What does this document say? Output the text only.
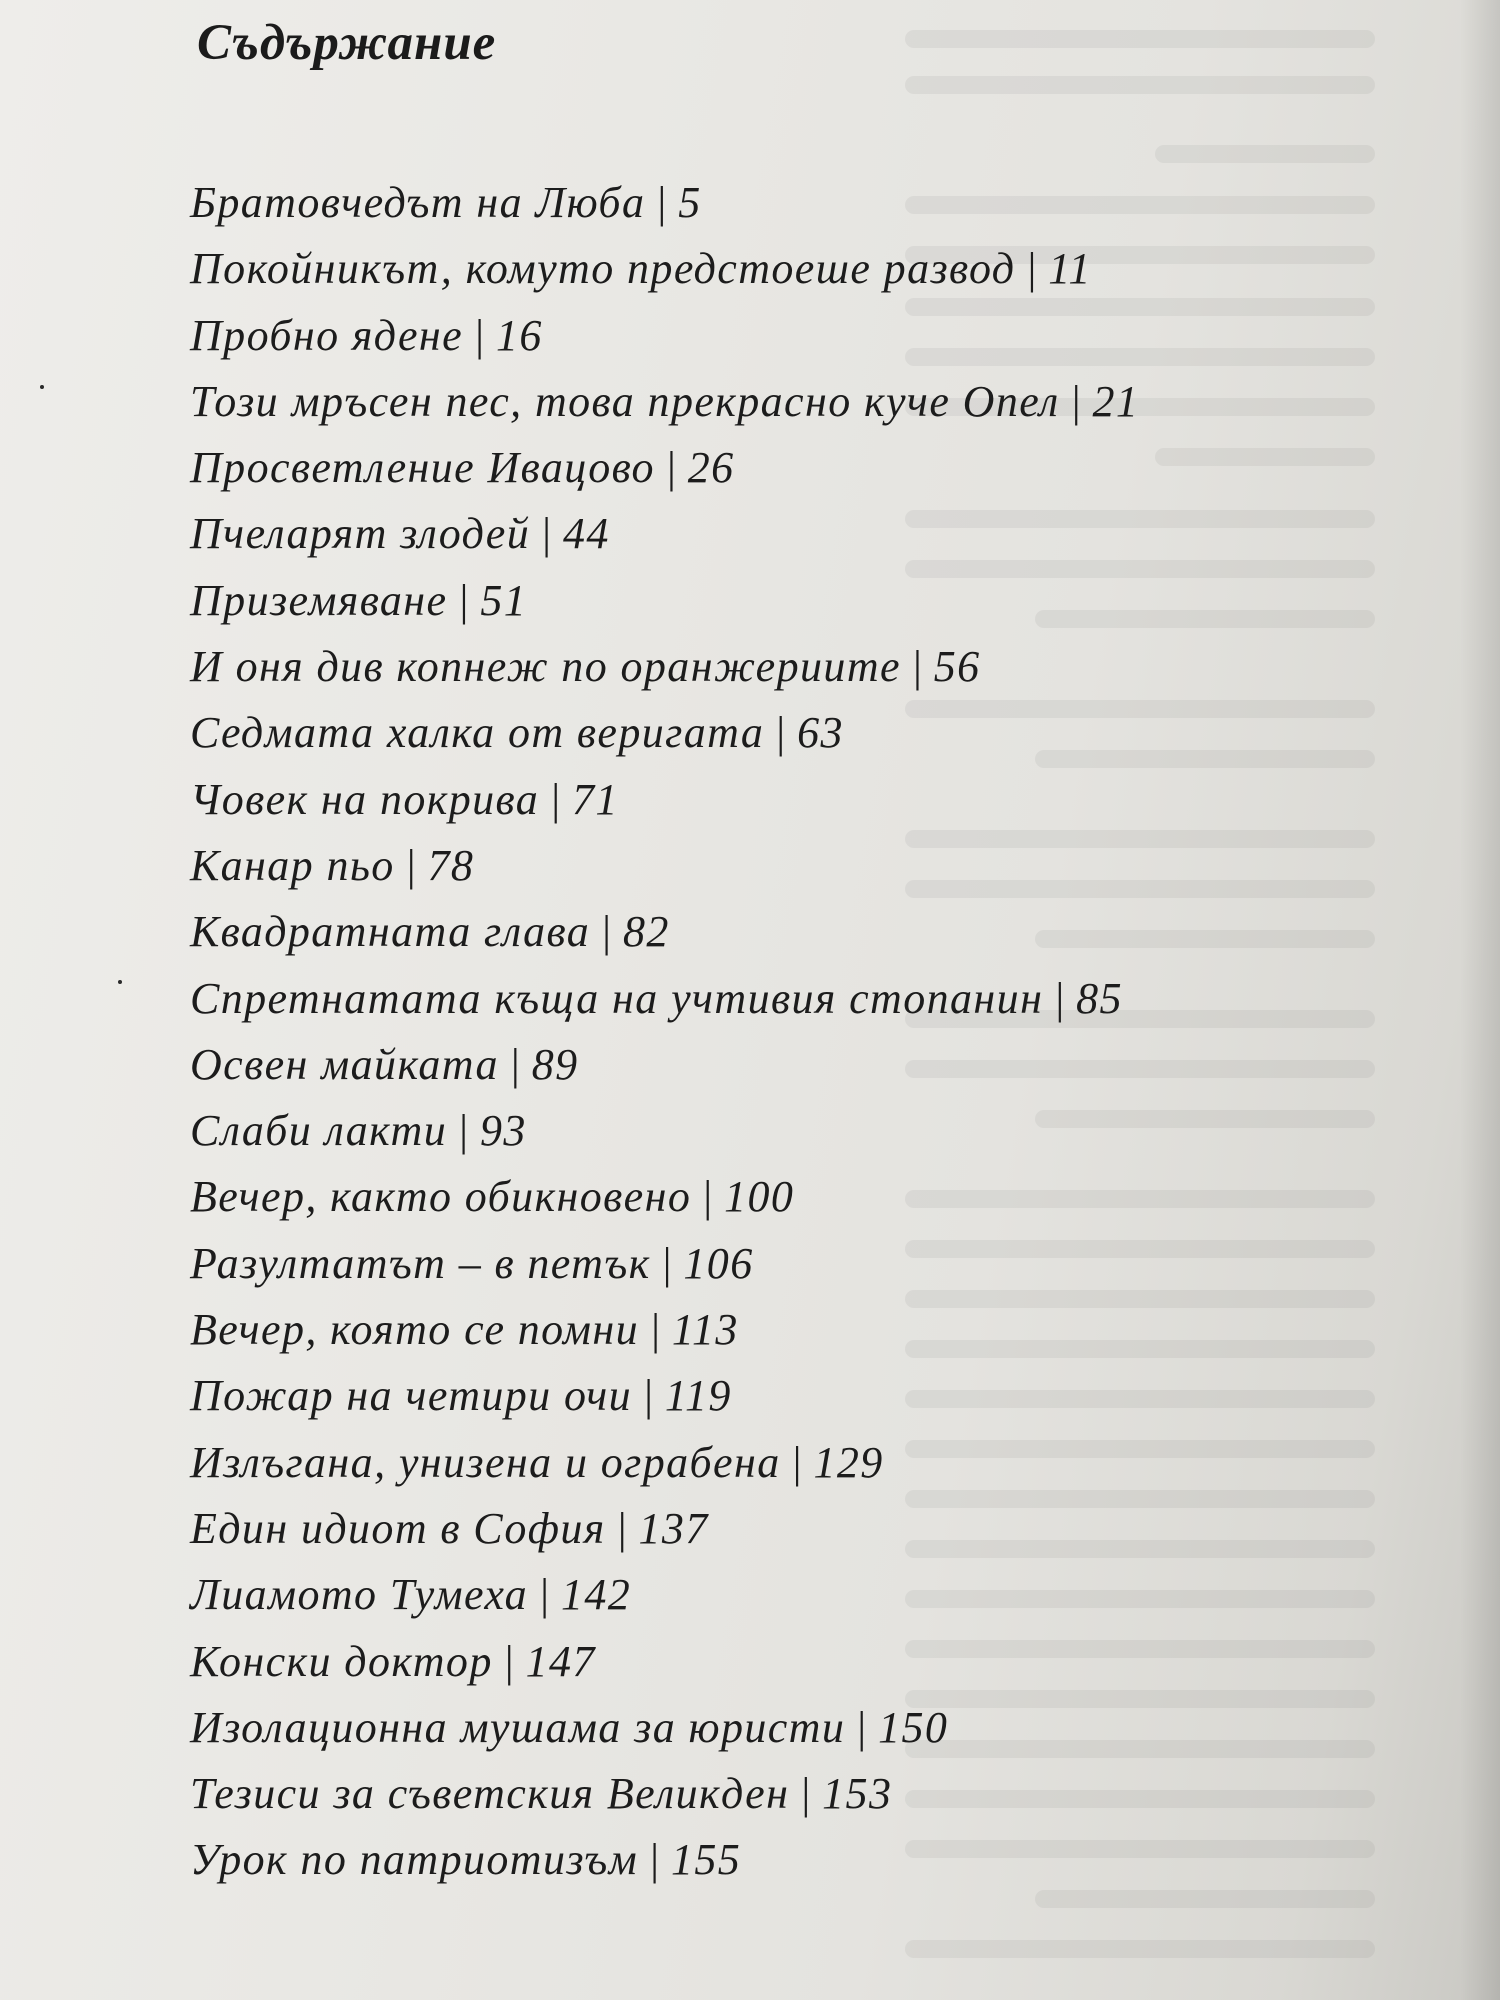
Съдържание
Братовчедът на Люба | 5
Покойникът, комуто предстоеше развод | 11
Пробно ядене | 16
Този мръсен пес, това прекрасно куче Опел | 21
Просветление Ивацово | 26
Пчеларят злодей | 44
Приземяване | 51
И оня див копнеж по оранжериите | 56
Седмата халка от веригата | 63
Човек на покрива | 71
Канар пьо | 78
Квадратната глава | 82
Спретнатата къща на учтивия стопанин | 85
Освен майката | 89
Слаби лакти | 93
Вечер, както обикновено | 100
Разултатът – в петък | 106
Вечер, която се помни | 113
Пожар на четири очи | 119
Излъгана, унизена и ограбена | 129
Един идиот в София | 137
Лиамото Тумеха | 142
Конски доктор | 147
Изолационна мушама за юристи | 150
Тезиси за съветския Великден | 153
Урок по патриотизъм | 155
